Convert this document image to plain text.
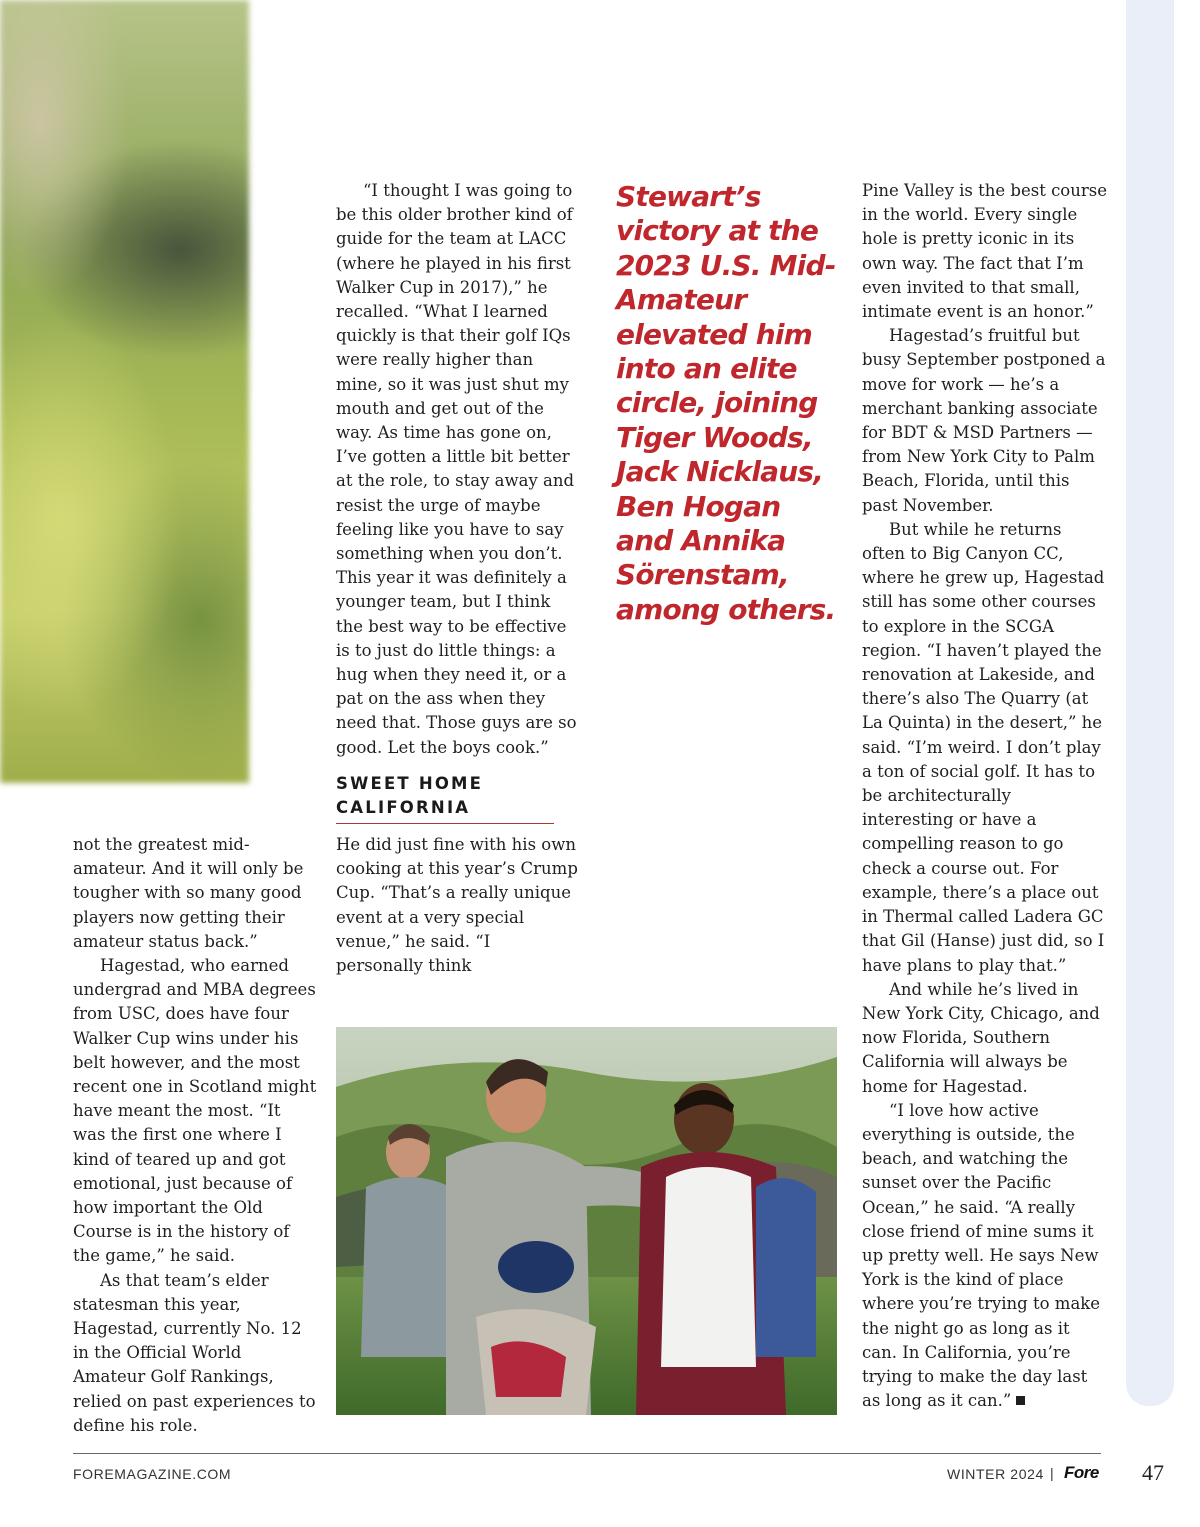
not the greatest mid-amateur. And it will only be tougher with so many good players now getting their amateur status back.”

Hagestad, who earned undergrad and MBA degrees from USC, does have four Walker Cup wins under his belt however, and the most recent one in Scotland might have meant the most. “It was the first one where I kind of teared up and got emotional, just because of how important the Old Course is in the history of the game,” he said.

As that team’s elder statesman this year, Hagestad, currently No. 12 in the Official World Amateur Golf Rankings, relied on past experiences to define his role.

“I thought I was going to be this older brother kind of guide for the team at LACC (where he played in his first Walker Cup in 2017),” he recalled. “What I learned quickly is that their golf IQs were really higher than mine, so it was just shut my mouth and get out of the way. As time has gone on, I’ve gotten a little bit better at the role, to stay away and resist the urge of maybe feeling like you have to say something when you don’t. This year it was definitely a younger team, but I think the best way to be effective is to just do little things: a hug when they need it, or a pat on the ass when they need that. Those guys are so good. Let the boys cook.”

SWEET HOME CALIFORNIA

He did just fine with his own cooking at this year’s Crump Cup. “That’s a really unique event at a very special venue,” he said. “I personally think

Stewart’s victory at the 2023 U.S. Mid-Amateur elevated him into an elite circle, joining Tiger Woods, Jack Nicklaus, Ben Hogan and Annika Sörenstam, among others.

Pine Valley is the best course in the world. Every single hole is pretty iconic in its own way. The fact that I’m even invited to that small, intimate event is an honor.”

Hagestad’s fruitful but busy September postponed a move for work — he’s a merchant banking associate for BDT & MSD Partners — from New York City to Palm Beach, Florida, until this past November.

But while he returns often to Big Canyon CC, where he grew up, Hagestad still has some other courses to explore in the SCGA region. “I haven’t played the renovation at Lakeside, and there’s also The Quarry (at La Quinta) in the desert,” he said. “I’m weird. I don’t play a ton of social golf. It has to be architecturally interesting or have a compelling reason to go check a course out. For example, there’s a place out in Thermal called Ladera GC that Gil (Hanse) just did, so I have plans to play that.”

And while he’s lived in New York City, Chicago, and now Florida, Southern California will always be home for Hagestad.

“I love how active everything is outside, the beach, and watching the sunset over the Pacific Ocean,” he said. “A really close friend of mine sums it up pretty well. He says New York is the kind of place where you’re trying to make the night go as long as it can. In California, you’re trying to make the day last as long as it can.”

FOREMAGAZINE.COM	WINTER 2024 | Fore 47
